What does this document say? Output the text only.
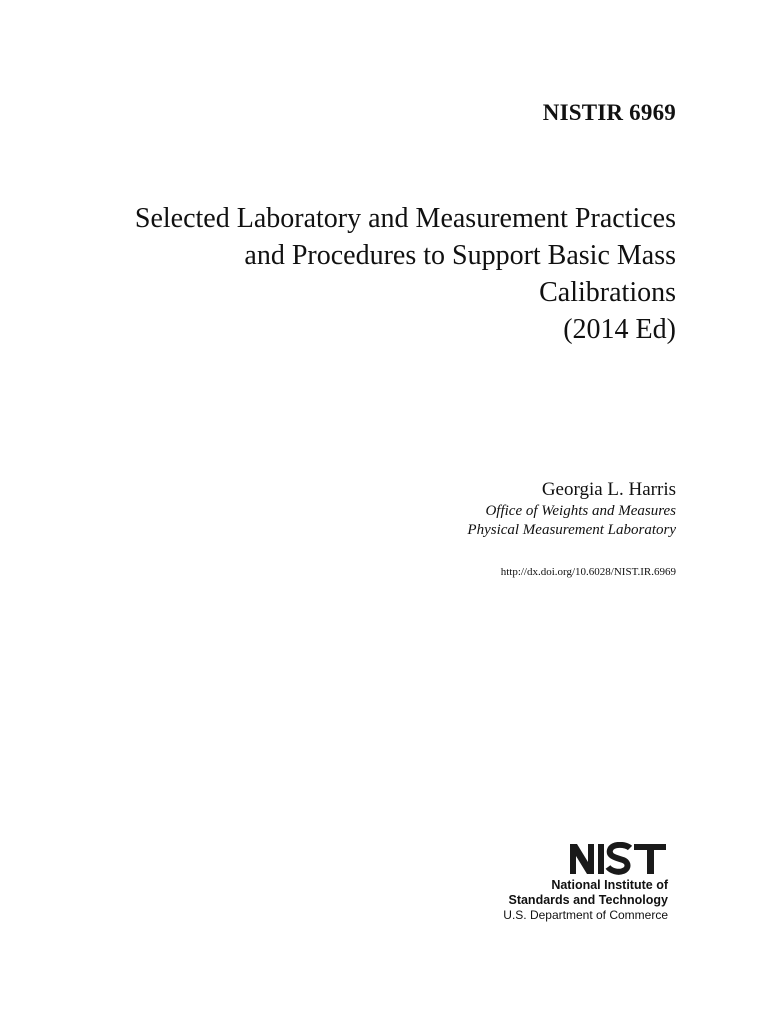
NISTIR 6969
Selected Laboratory and Measurement Practices
and Procedures to Support Basic Mass
Calibrations
(2014 Ed)
Georgia L. Harris
Office of Weights and Measures
Physical Measurement Laboratory
http://dx.doi.org/10.6028/NIST.IR.6969
National Institute of
Standards and Technology
U.S. Department of Commerce
